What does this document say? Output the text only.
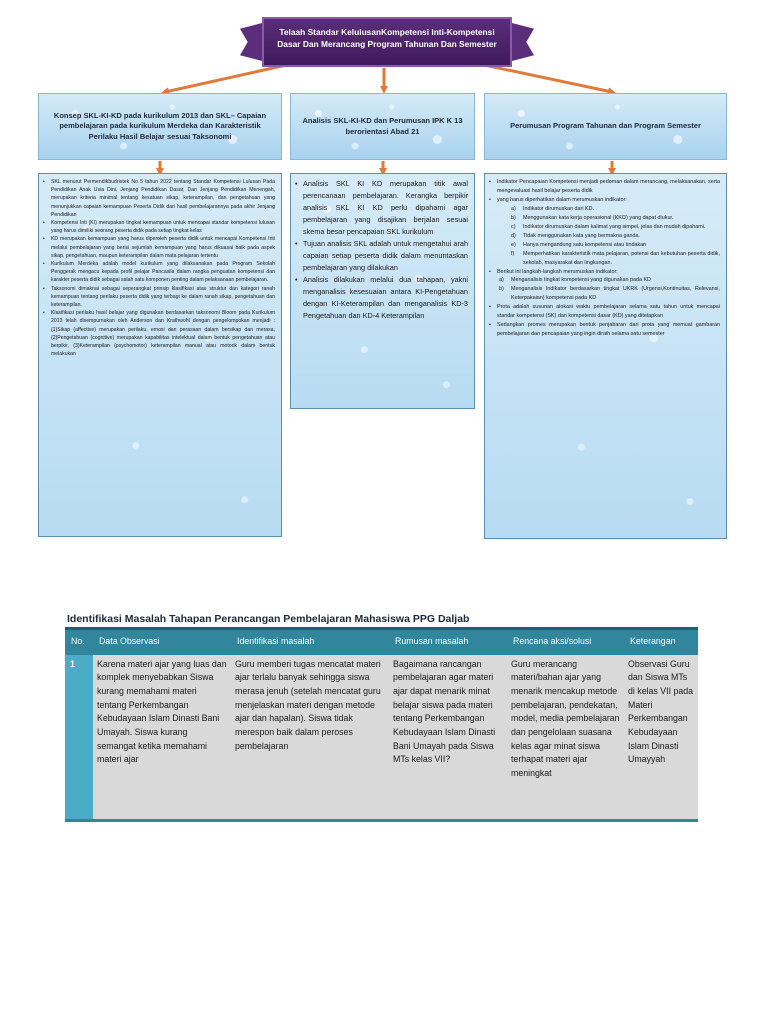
Telaah Standar KelulusanKompetensi Inti-Kompetensi Dasar Dan Merancang Program Tahunan Dan Semester
Konsep SKL-KI-KD pada kurikulum 2013 dan SKL– Capaian pembelajaran pada kurikulum Merdeka dan Karakteristik Perilaku Hasil Belajar sesuai Taksonomi
Analisis SKL-KI-KD dan Perumusan IPK K 13 berorientasi Abad 21
Perumusan Program Tahunan dan Program Semester
• SKL menurut Permendikbudristek No 5 tahun 2022 tentang Standar Kompetensi Lulusan Pada Pendidikan Anak Usia Dini, Jenjang Pendidikan Dasar, Dan Jenjang Pendidikan Menengah, merupakan kriteria minimal tentang kesatuan sikap, keterampilan, dan pengetahuan yang menunjukkan capaian kemampuan Peserta Didik dari hasil pembelajarannya pada akhir Jenjang Pendidikan
• Kompetensi Inti (KI) merupakan tingkat kemampuan untuk mencapai standar kompetensi lulusan yang harus dimiliki seorang peserta didik pada setiap tingkat kelas
• KD merupakan kemampuan yang harus diperoleh peserta didik untuk mencapai Kompetensi Inti melalui pembelajaran yang berisi sejumlah kemampuan yang harus dikuasai baik pada aspek sikap, pengetahuan, maupun keterampilan dalam mata pelajaran tertentu
• Kurikulum Merdeka adalah model kurikulum yang dilaksanakan pada Program Sekolah Penggerak mengacu kepada profil pelajar Pancasila dalam rangka penguatan kompetensi dan karakter peserta didik sebagai salah satu komponen penting dalam pelaksanaan pembelajaran.
• Taksonomi dimaknai sebagai seperangkat prinsip klasifikasi atau struktur dan kategori ranah kemampuan tentang perilaku peserta didik yang terbagi ke dalam ranah sikap, pengetahuan dan keterampilan.
• Klasifikasi perilaku hasil belajar yang digunakan berdasarkan taksonomi Bloom pada Kurikulum 2013 telah disempurnakan oleh Anderson dan Krathwohl dengan pengelompokan menjadi : (1)Sikap (affective) merupakan perilaku, emosi dan perasaan dalam bersikap dan merasa, (2)Pengetahuan (cognitive) merupakan kapabilitas intelektual dalam bentuk pengetahuan atau berpikir, (3)Keterampilan (psychomotor) keterampilan manual atau motorik dalam bentuk melakukan
• Analisis SKL KI KD merupakan titik awal perencanaan pembelajaran. Kerangka berpikir analisis SKL KI KD perlu dipahami agar pembelajaran yang disajikan berjalan sesuai skema besar pencapaian SKL kurikulum
• Tujuan analisis SKL adalah untuk mengetahui arah capaian setiap peserta didik dalam menuntaskan pembelajaran yang dilakukan
• Analisis dilakukan melalui dua tahapan, yakni menganalisis kesesuaian antara KI-Pengetahuan dengan KI-Keterampilan dan menganalisis KD-3 Pengetahuan dan KD-4 Keterampilan
• Indikator Pencapaian Kompetensi menjadi pedoman dalam merancang, melaksanakan, serta mengevaluasi hasil belajar peserta didik
• yang harus diperhatikan dalam merumuskan indikator:
a) Indikator dirumuskan dari KD.
b) Menggunakan kata kerja operasional (KKO) yang dapat diukur.
c) Indikator dirumuskan dalam kalimat yang simpel, jelas dan mudah dipahami.
d) Tidak menggunakan kata yang bermakna ganda.
e) Hanya mengandung satu kompetensi atau tindakan
f) Memperhatikan karakteristik mata pelajaran, potensi dan kebutuhan peserta didik, sekolah, masyarakat dan lingkungan.
• Berikut ini langkah-langkah merumuskan indikator;
a) Menganalisis tingkat kompetensi yang digunakan pada KD
b) Menganalisis Indikator berdasarkan tingkat UKRK (Urgensi,Kontinuitas, Relevansi, Keterpakaian) kompetensi pada KD
• Prota adalah susunan alokasi waktu pembelajaran selama satu tahun untuk mencapai standar kompetensi (SK) dan kompetensi dasar (KD) yang ditetapkan
• Sedangkan promes merupakan bentuk penjabaran dari prota yang memuat gambaran pembelajaran dan pencapaian yang ingin diraih selama satu semester
Identifikasi Masalah Tahapan Perancangan Pembelajaran Mahasiswa PPG Daljab
No.	Data Observasi	Identifikasi masalah	Rumusan masalah	Rencana aksi/solusi	Keterangan
1	Karena materi ajar yang luas dan komplek menyebabkan Siswa kurang memahami materi tentang Perkembangan Kebudayaan Islam Dinasti Bani Umayah. Siswa kurang semangat ketika memahami materi ajar	Guru memberi tugas mencatat materi ajar terlalu banyak sehingga siswa merasa jenuh (setelah mencatat guru menjelaskan materi dengan metode ajar dan hapalan). Siswa tidak merespon baik dalam peroses pembelajaran	Bagaimana rancangan pembelajaran agar materi ajar dapat menarik minat belajar siswa pada materi tentang Perkembangan Kebudayaan Islam Dinasti Bani Umayah pada Siswa MTs kelas VII?	Guru merancang materi/bahan ajar yang menarik mencakup metode pembelajaran, pendekatan, model, media pembelajaran dan pengelolaan suasana kelas agar minat siswa terhapat materi ajar meningkat	Observasi Guru dan Siswa MTs di kelas VII pada Materi Perkembangan Kebudayaan Islam Dinasti Umayyah
